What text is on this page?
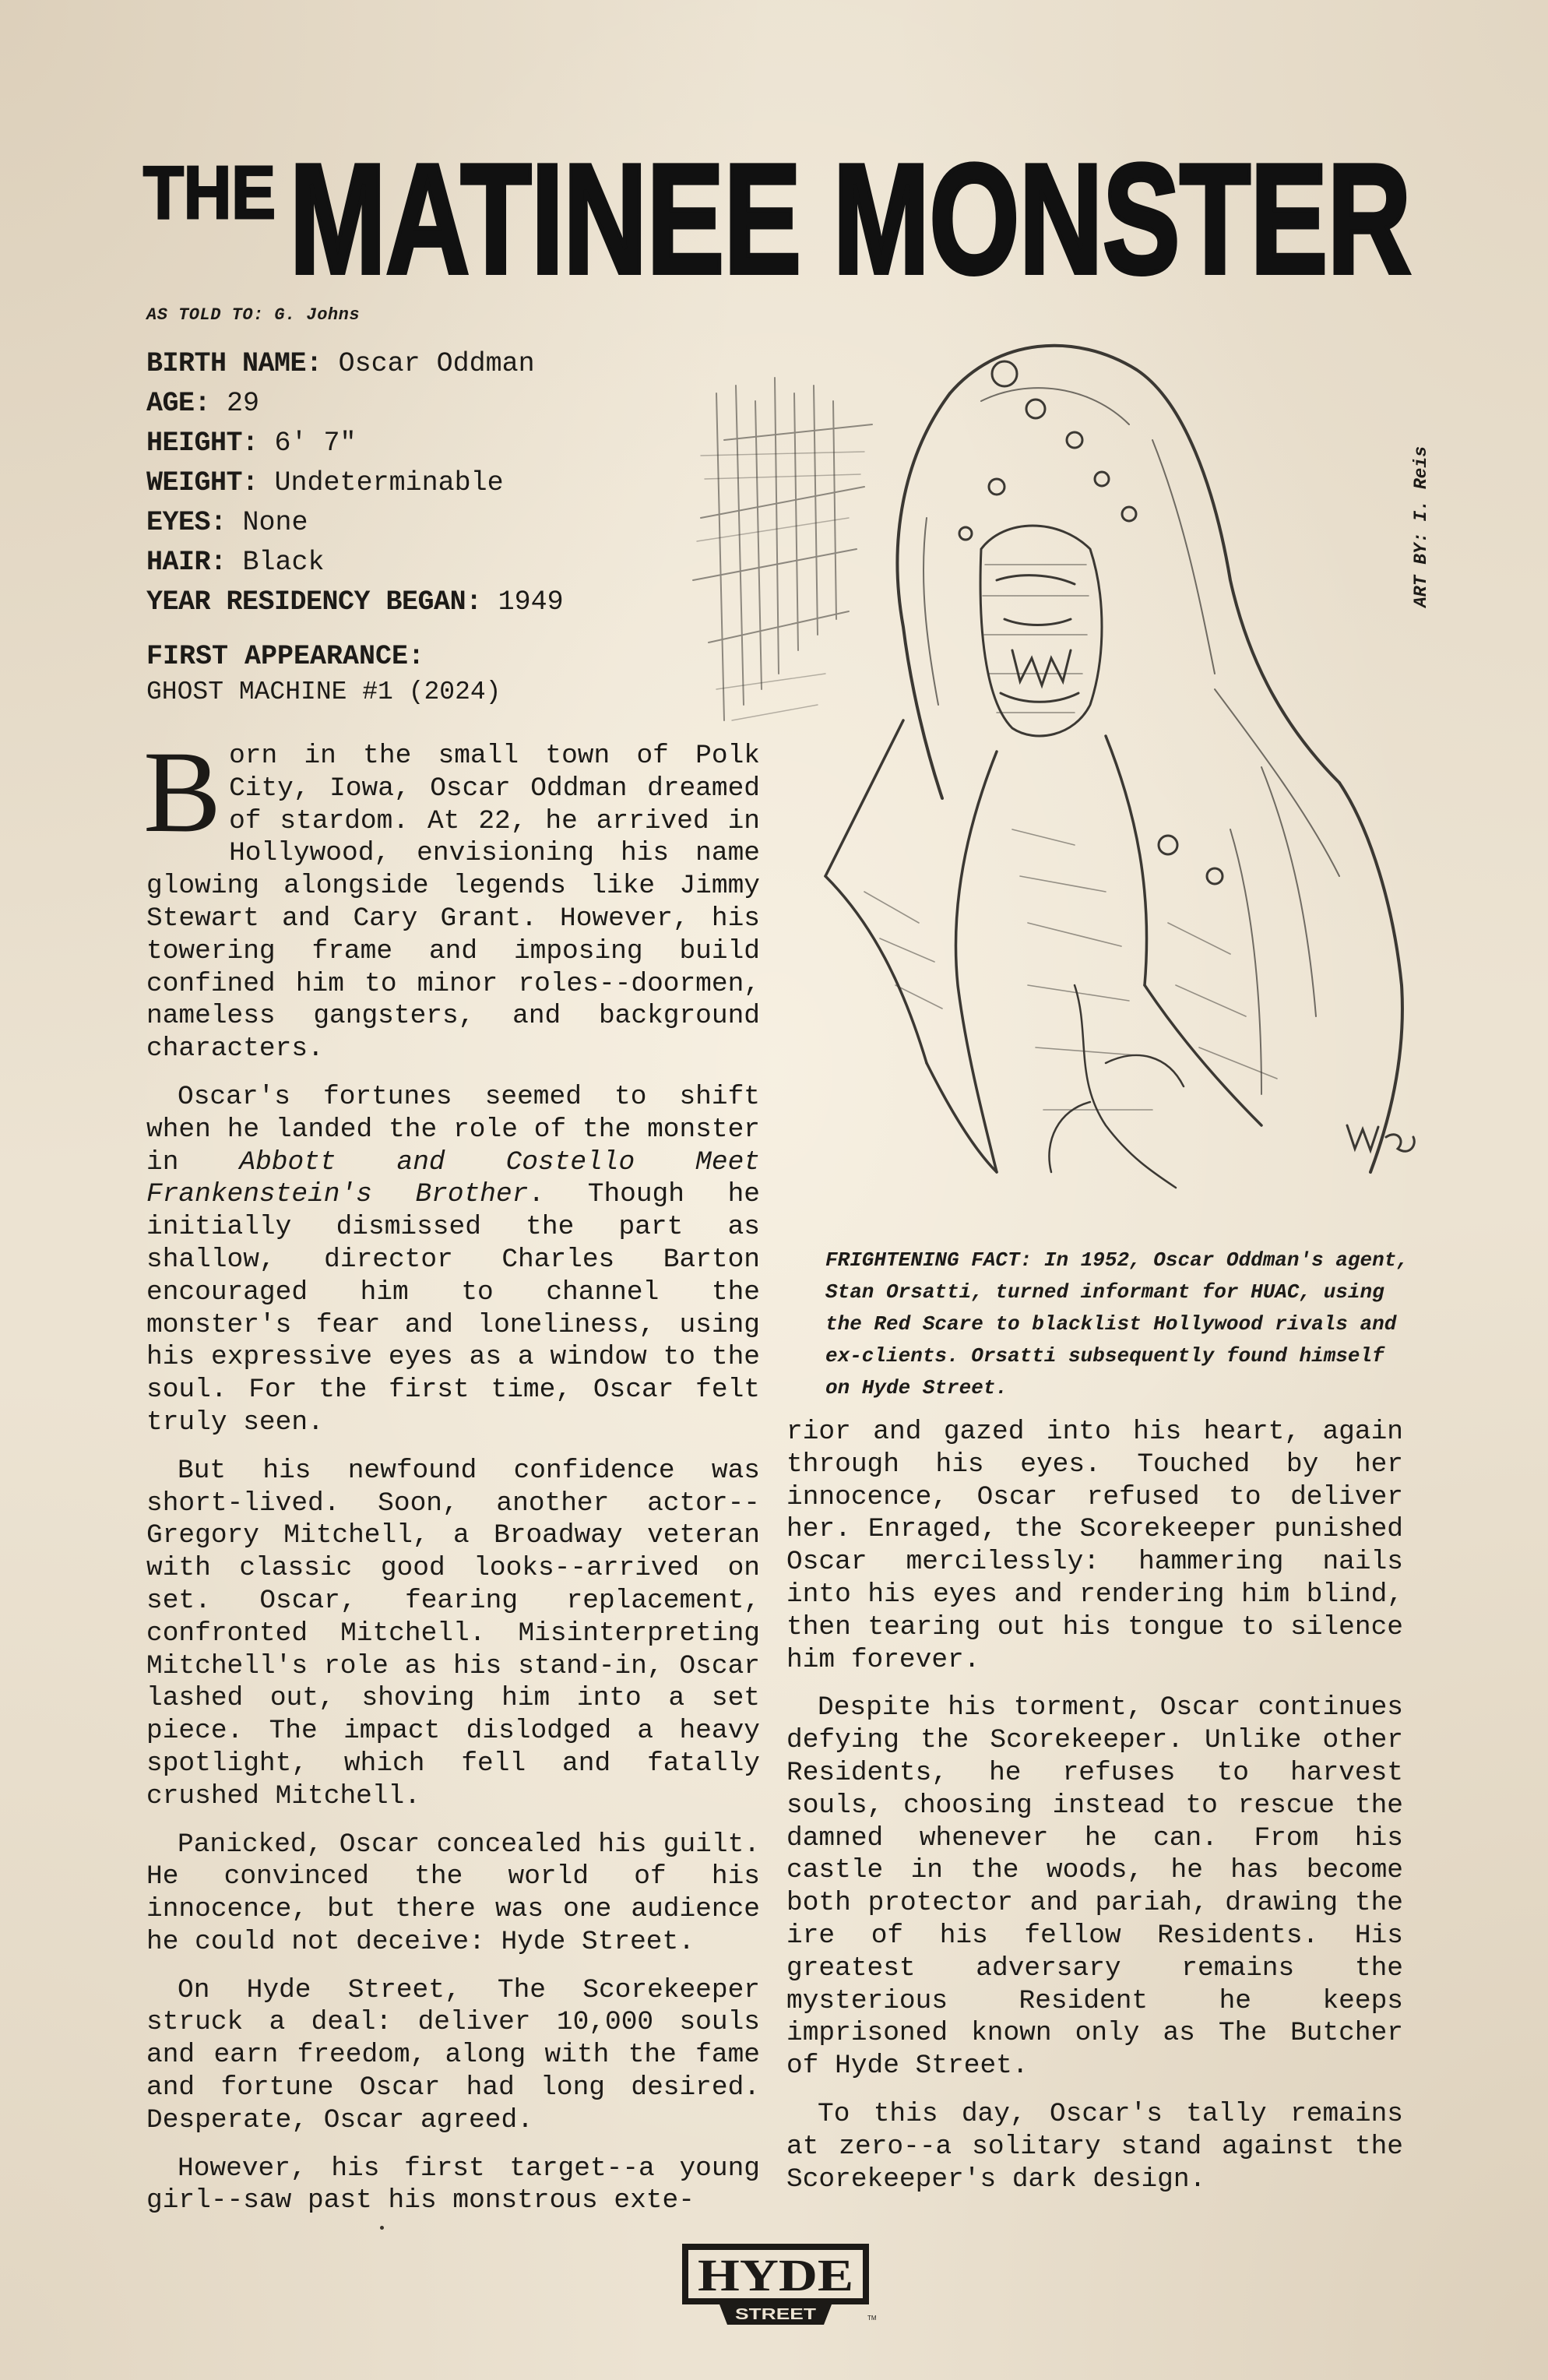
THE MATINEE MONSTER
AS TOLD TO: G. Johns
BIRTH NAME: Oscar Oddman
AGE: 29
HEIGHT: 6' 7"
WEIGHT: Undeterminable
EYES: None
HAIR: Black
YEAR RESIDENCY BEGAN: 1949
FIRST APPEARANCE:
GHOST MACHINE #1 (2024)
ART BY: I. Reis
FRIGHTENING FACT: In 1952, Oscar Oddman's agent, Stan Orsatti, turned informant for HUAC, using the Red Scare to blacklist Hollywood rivals and ex-clients. Orsatti subsequently found himself on Hyde Street.

Born in the small town of Polk City, Iowa, Oscar Oddman dreamed of stardom. At 22, he arrived in Hollywood, envisioning his name glowing alongside legends like Jimmy Stewart and Cary Grant. However, his towering frame and imposing build confined him to minor roles--doormen, nameless gangsters, and background characters.

Oscar's fortunes seemed to shift when he landed the role of the monster in Abbott and Costello Meet Frankenstein's Brother. Though he initially dismissed the part as shallow, director Charles Barton encouraged him to channel the monster's fear and loneliness, using his expressive eyes as a window to the soul. For the first time, Oscar felt truly seen.

But his newfound confidence was short-lived. Soon, another actor--Gregory Mitchell, a Broadway veteran with classic good looks--arrived on set. Oscar, fearing replacement, confronted Mitchell. Misinterpreting Mitchell's role as his stand-in, Oscar lashed out, shoving him into a set piece. The impact dislodged a heavy spotlight, which fell and fatally crushed Mitchell.

Panicked, Oscar concealed his guilt. He convinced the world of his innocence, but there was one audience he could not deceive: Hyde Street.

On Hyde Street, The Scorekeeper struck a deal: deliver 10,000 souls and earn freedom, along with the fame and fortune Oscar had long desired. Desperate, Oscar agreed.

However, his first target--a young girl--saw past his monstrous exte-

rior and gazed into his heart, again through his eyes. Touched by her innocence, Oscar refused to deliver her. Enraged, the Scorekeeper punished Oscar mercilessly: hammering nails into his eyes and rendering him blind, then tearing out his tongue to silence him forever.

Despite his torment, Oscar continues defying the Scorekeeper. Unlike other Residents, he refuses to harvest souls, choosing instead to rescue the damned whenever he can. From his castle in the woods, he has become both protector and pariah, drawing the ire of his fellow Residents. His greatest adversary remains the mysterious Resident he keeps imprisoned known only as The Butcher of Hyde Street.

To this day, Oscar's tally remains at zero--a solitary stand against the Scorekeeper's dark design.

HYDE
STREET	TM
